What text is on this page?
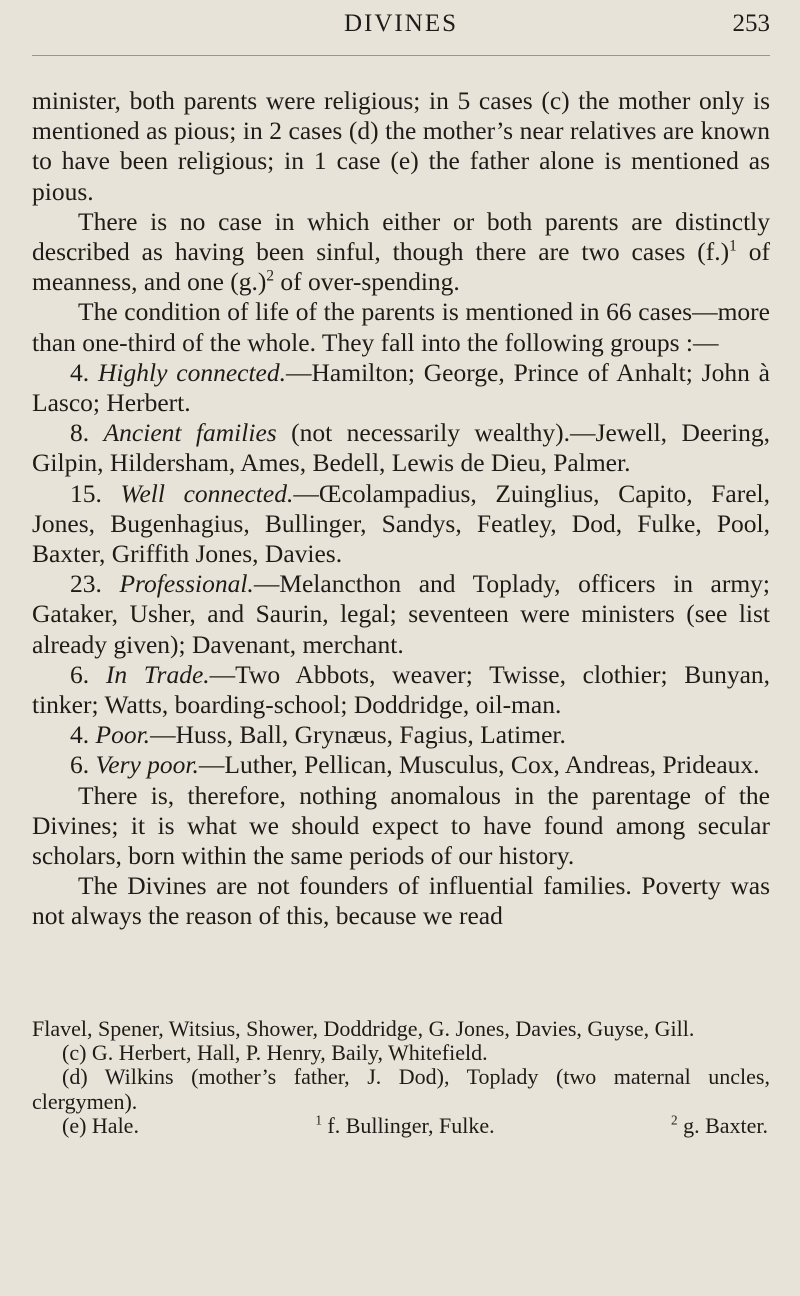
DIVINES	253

minister, both parents were religious; in 5 cases (c) the mother only is mentioned as pious; in 2 cases (d) the mother’s near relatives are known to have been religious; in 1 case (e) the father alone is mentioned as pious.

There is no case in which either or both parents are distinctly described as having been sinful, though there are two cases $(f.)^1$ of meanness, and one $(g.)^2$ of over-spending.

The condition of life of the parents is mentioned in 66 cases—more than one-third of the whole. They fall into the following groups :—

4. Highly connected.—Hamilton; George, Prince of Anhalt; John à Lasco; Herbert.

8. Ancient families (not necessarily wealthy).—Jewell, Deering, Gilpin, Hildersham, Ames, Bedell, Lewis de Dieu, Palmer.

15. Well connected.—Œcolampadius, Zuinglius, Capito, Farel, Jones, Bugenhagius, Bullinger, Sandys, Featley, Dod, Fulke, Pool, Baxter, Griffith Jones, Davies.

23. Professional.—Melancthon and Toplady, officers in army; Gataker, Usher, and Saurin, legal; seventeen were ministers (see list already given); Davenant, merchant.

6. In Trade.—Two Abbots, weaver; Twisse, clothier; Bunyan, tinker; Watts, boarding-school; Doddridge, oil-man.

4. Poor.—Huss, Ball, Grynæus, Fagius, Latimer.

6. Very poor.—Luther, Pellican, Musculus, Cox, Andreas, Prideaux.

There is, therefore, nothing anomalous in the parentage of the Divines; it is what we should expect to have found among secular scholars, born within the same periods of our history.

The Divines are not founders of influential families. Poverty was not always the reason of this, because we read

Flavel, Spener, Witsius, Shower, Doddridge, G. Jones, Davies, Guyse, Gill.

(c) G. Herbert, Hall, P. Henry, Baily, Whitefield.

(d) Wilkins (mother’s father, J. Dod), Toplady (two maternal uncles, clergymen).

(e) Hale.	$^1$ f. Bullinger, Fulke.	$^2$ g. Baxter.
